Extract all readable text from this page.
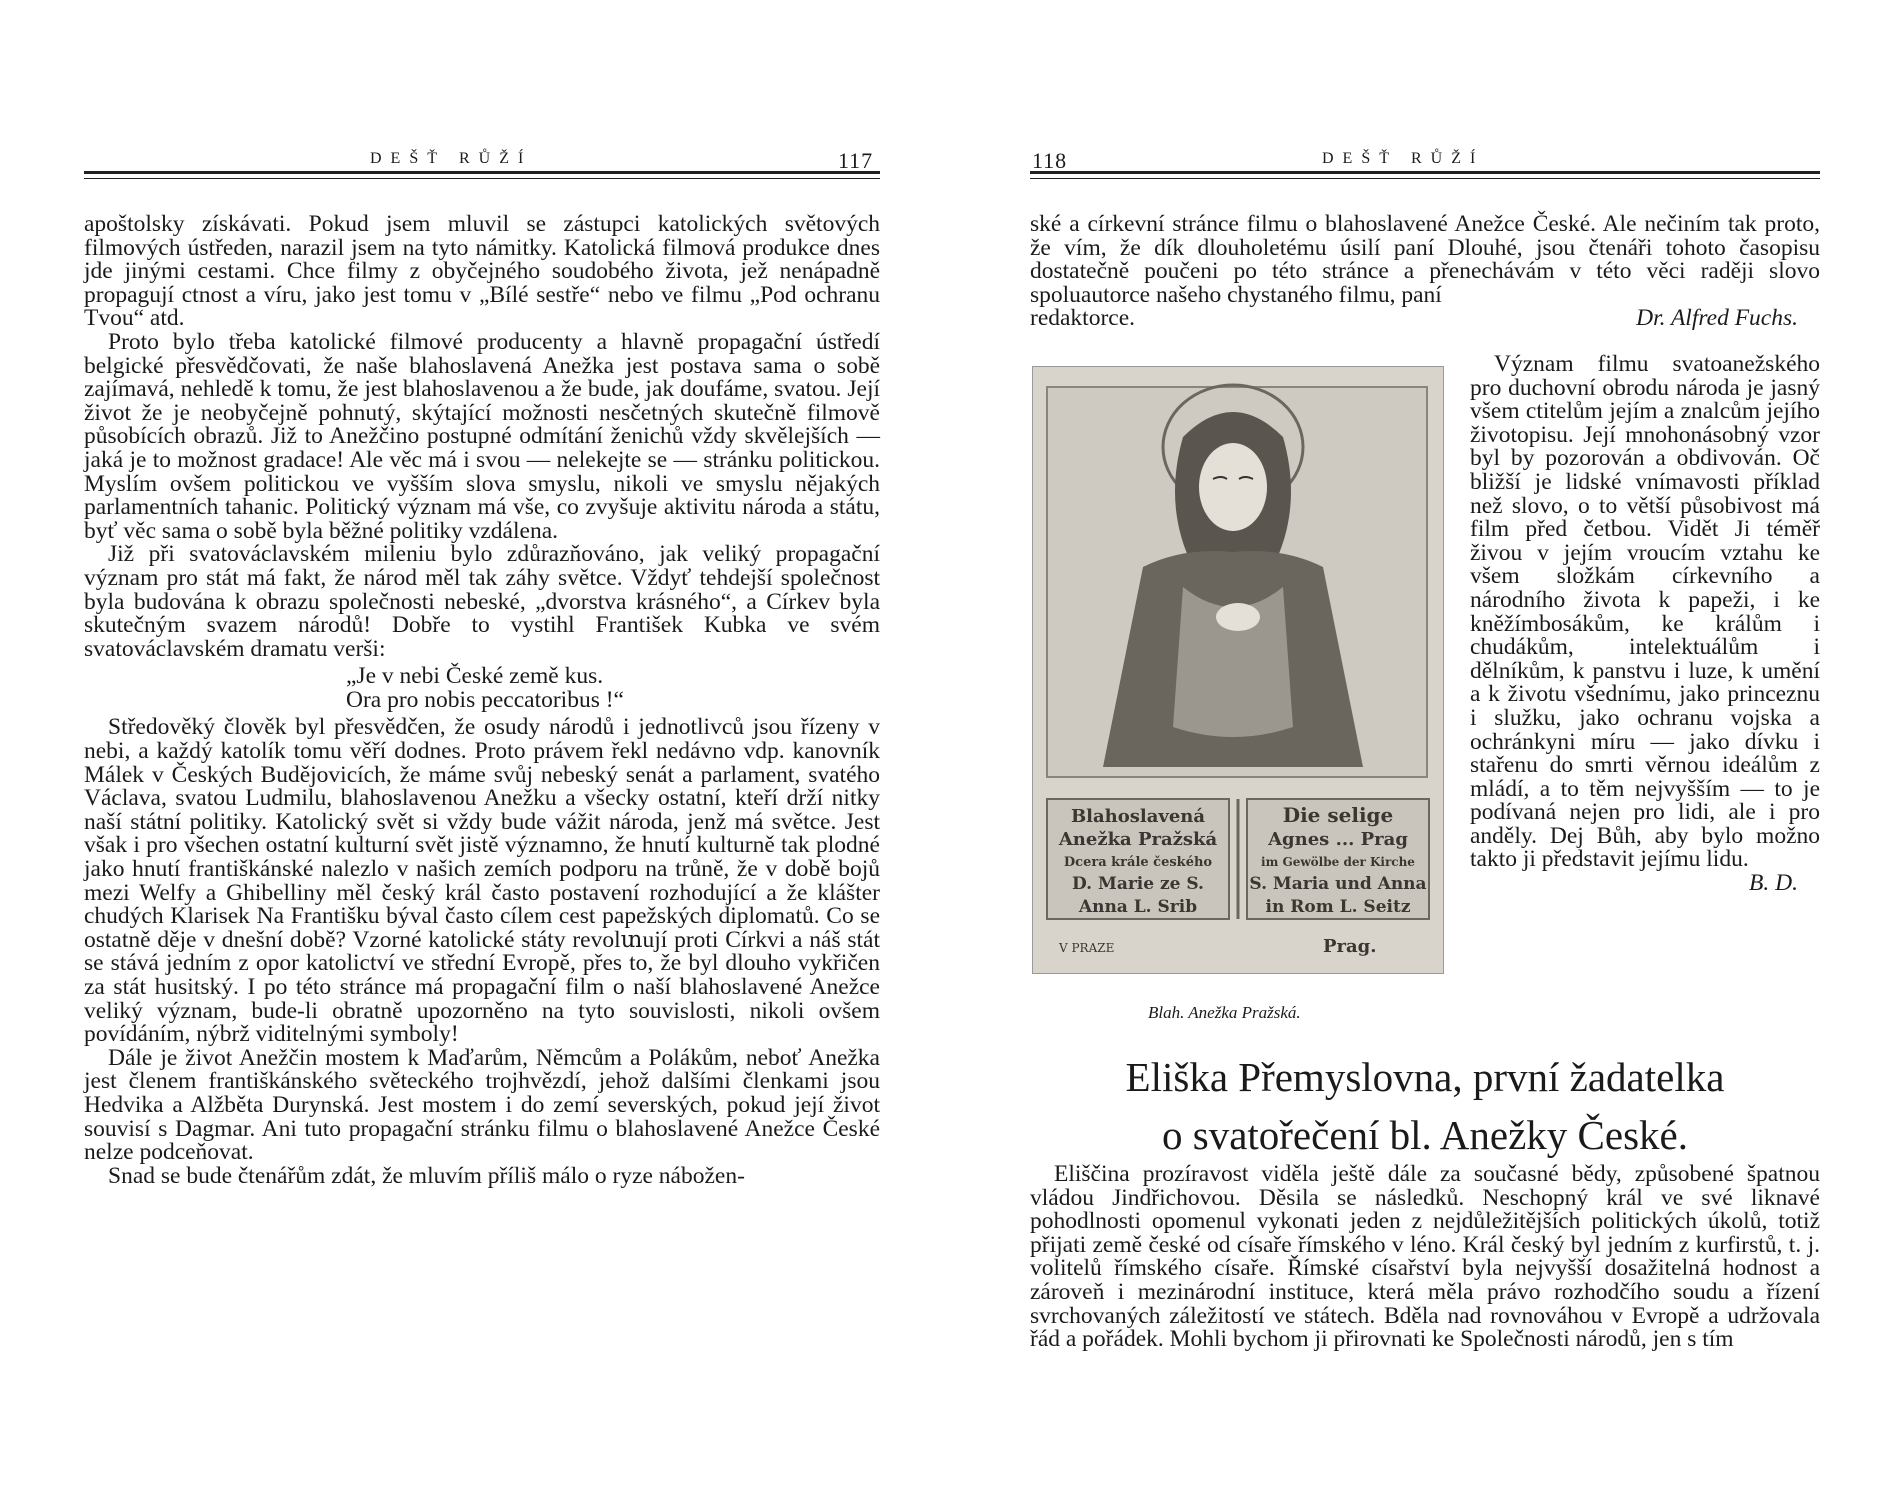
DEŠŤ RŮŽÍ	117

apoštolsky získávati. Pokud jsem mluvil se zástupci katolických světových filmových ústředen, narazil jsem na tyto námitky. Katolická filmová produkce dnes jde jinými cestami. Chce filmy z obyčejného soudobého života, jež nenápadně propagují ctnost a víru, jako jest tomu v „Bílé sestře“ nebo ve filmu „Pod ochranu Tvou“ atd.

Proto bylo třeba katolické filmové producenty a hlavně propagační ústředí belgické přesvědčovati, že naše blahoslavená Anežka jest postava sama o sobě zajímavá, nehledě k tomu, že jest blahoslavenou a že bude, jak doufáme, svatou. Její život že je neobyčejně pohnutý, skýtající možnosti nesčetných skutečně filmově působících obrazů. Již to Anežčino postupné odmítání ženichů vždy skvělejších — jaká je to možnost gradace! Ale věc má i svou — nelekejte se — stránku politickou. Myslím ovšem politickou ve vyšším slova smyslu, nikoli ve smyslu nějakých parlamentních tahanic. Politický význam má vše, co zvyšuje aktivitu národa a státu, byť věc sama o sobě byla běžné politiky vzdálena.

Již při svatováclavském mileniu bylo zdůrazňováno, jak veliký propagační význam pro stát má fakt, že národ měl tak záhy světce. Vždyť tehdejší společnost byla budována k obrazu společnosti nebeské, „dvorstva krásného“, a Církev byla skutečným svazem národů! Dobře to vystihl František Kubka ve svém svatováclavském dramatu verši:

„Je v nebi České země kus.
Ora pro nobis peccatoribus !“

Středověký člověk byl přesvědčen, že osudy národů i jednotlivců jsou řízeny v nebi, a každý katolík tomu věří dodnes. Proto právem řekl nedávno vdp. kanovník Málek v Českých Budějovicích, že máme svůj nebeský senát a parlament, svatého Václava, svatou Ludmilu, blahoslavenou Anežku a všecky ostatní, kteří drží nitky naší státní politiky. Katolický svět si vždy bude vážit národa, jenž má světce. Jest však i pro všechen ostatní kulturní svět jistě významno, že hnutí kulturně tak plodné jako hnutí františkánské nalezlo v našich zemích podporu na trůně, že v době bojů mezi Welfy a Ghibelliny měl český král často postavení rozhodující a že klášter chudých Klarisek Na Františku býval často cílem cest papežských diplomatů. Co se ostatně děje v dnešní době? Vzorné katolické státy revolտují proti Církvi a náš stát se stává jedním z opor katolictví ve střední Evropě, přes to, že byl dlouho vykřičen za stát husitský. I po této stránce má propagační film o naší blahoslavené Anežce veliký význam, bude-li obratně upozorněno na tyto souvislosti, nikoli ovšem povídáním, nýbrž viditelnými symboly!

Dále je život Anežčin mostem k Maďarům, Němcům a Polákům, neboť Anežka jest členem františkánského světeckého trojhvězdí, jehož dalšími členkami jsou Hedvika a Alžběta Durynská. Jest mostem i do zemí severských, pokud její život souvisí s Dagmar. Ani tuto propagační stránku filmu o blahoslavené Anežce České nelze podceňovat.

Snad se bude čtenářům zdát, že mluvím příliš málo o ryze nábožen-

118	DEŠŤ RŮŽÍ

ské a církevní stránce filmu o blahoslavené Anežce České. Ale nečiním tak proto, že vím, že dík dlouholetému úsilí paní Dlouhé, jsou čtenáři tohoto časopisu dostatečně poučeni po této stránce a přenechávám v této věci raději slovo spoluautorce našeho chystaného filmu, paní

redaktorce.	Dr. Alfred Fuchs.
Blahoslavená
Anežka Pražská
Dcera krále českého
D. Marie ze S.
Anna L. Srib
Die selige
Agnes ... Prag
im Gewölbe der Kirche
S. Maria und Anna
in Rom L. Seitz
V PRAZE	Prag.
Blah. Anežka Pražská.

Význam filmu svatoanežského pro duchovní obrodu národa je jasný všem ctitelům jejím a znalcům jejího životopisu. Její mnohonásobný vzor byl by pozorován a obdivován. Oč bližší je lidské vnímavosti příklad než slovo, o to větší působivost má film před četbou. Vidět Ji téměř živou v jejím vroucím vztahu ke všem složkám církevního a národního života k papeži, i ke kněžímbosákům, ke králům i chudákům, intelektuálům i dělníkům, k panstvu i luze, k umění a k životu všednímu, jako princeznu i služku, jako ochranu vojska a ochránkyni míru — jako dívku i stařenu do smrti věrnou ideálům z mládí, a to těm nejvyšším — to je podívaná nejen pro lidi, ale i pro anděly. Dej Bůh, aby bylo možno takto ji představit jejímu lidu.

B. D.
Eliška Přemyslovna, první žadatelka
o svatořečení bl. Anežky České.

Eliščina prozíravost viděla ještě dále za současné bědy, způsobené špatnou vládou Jindřichovou. Děsila se následků. Neschopný král ve své liknavé pohodlnosti opomenul vykonati jeden z nejdůležitějších politických úkolů, totiž přijati země české od císaře římského v léno. Král český byl jedním z kurfirstů, t. j. volitelů římského císaře. Římské císařství byla nejvyšší dosažitelná hodnost a zároveň i mezinárodní instituce, která měla právo rozhodčího soudu a řízení svrchovaných záležitostí ve státech. Bděla nad rovnováhou v Evropě a udržovala řád a pořádek. Mohli bychom ji přirovnati ke Společnosti národů, jen s tím
